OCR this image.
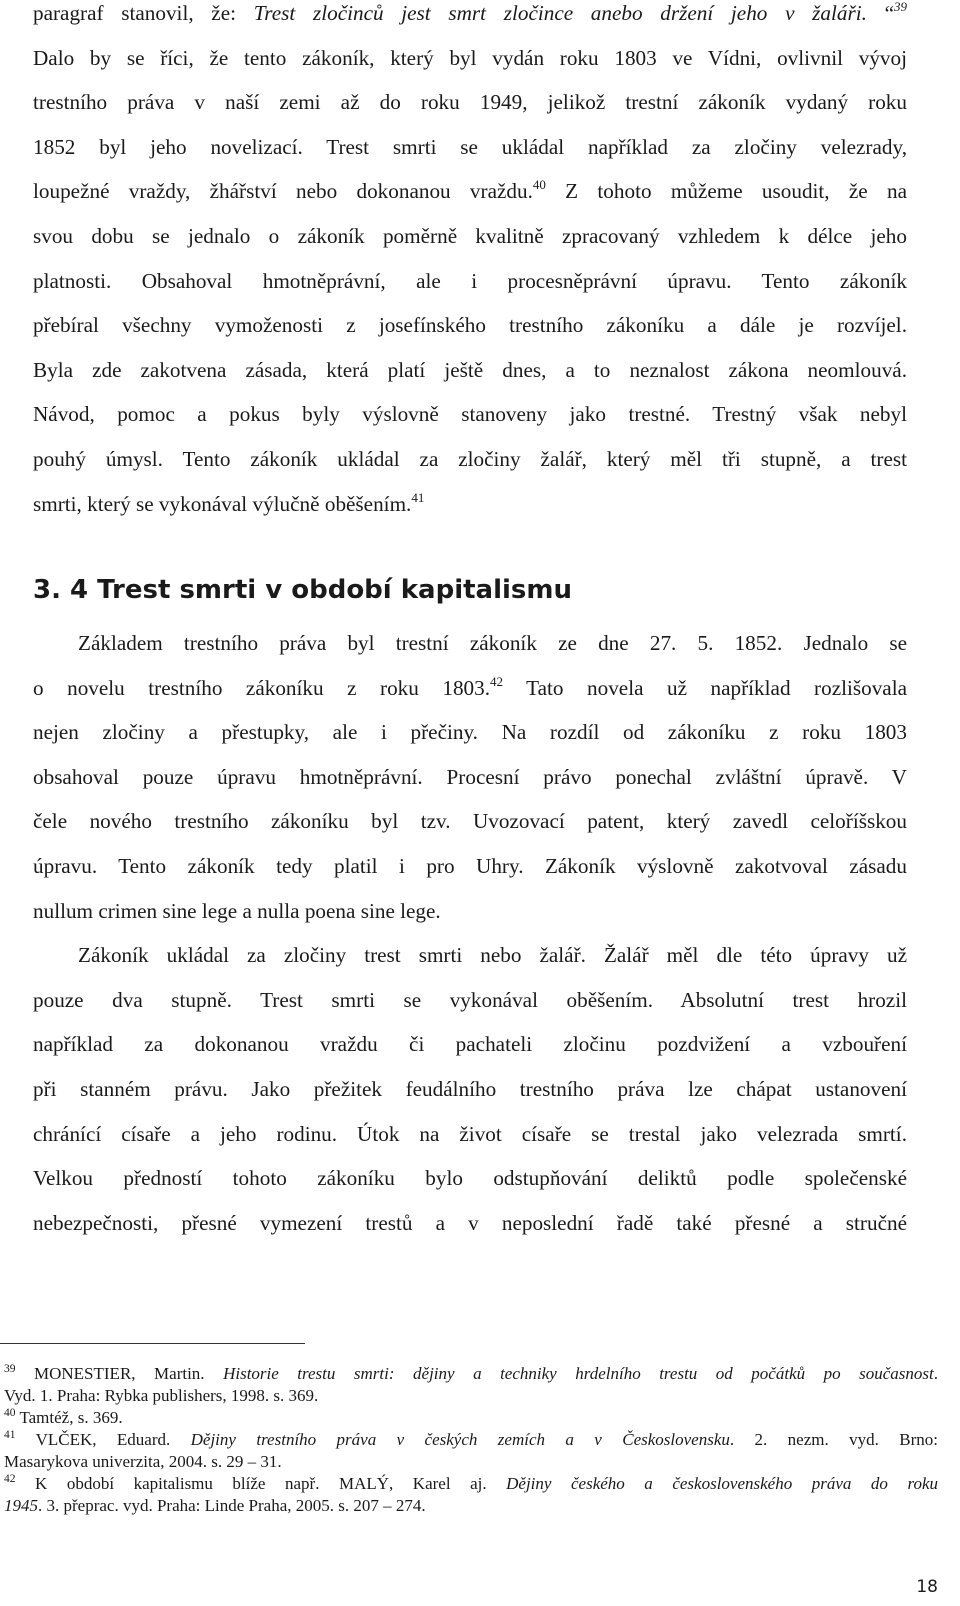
paragraf stanovil, že: Trest zločinců jest smrt zločince anebo držení jeho v žaláři. “$^{39}$
Dalo by se říci, že tento zákoník, který byl vydán roku 1803 ve Vídni, ovlivnil vývoj
trestního práva v naší zemi až do roku 1949, jelikož trestní zákoník vydaný roku
1852 byl jeho novelizací. Trest smrti se ukládal například za zločiny velezrady,
loupežné vraždy, žhářství nebo dokonanou vraždu.$^{40}$ Z tohoto můžeme usoudit, že na
svou dobu se jednalo o zákoník poměrně kvalitně zpracovaný vzhledem k délce jeho
platnosti. Obsahoval hmotněprávní, ale i procesněprávní úpravu. Tento zákoník
přebíral všechny vymoženosti z josefínského trestního zákoníku a dále je rozvíjel.
Byla zde zakotvena zásada, která platí ještě dnes, a to neznalost zákona neomlouvá.
Návod, pomoc a pokus byly výslovně stanoveny jako trestné. Trestný však nebyl
pouhý úmysl. Tento zákoník ukládal za zločiny žalář, který měl tři stupně, a trest
smrti, který se vykonával výlučně oběšením.$^{41}$
3. 4 Trest smrti v období kapitalismu
Základem trestního práva byl trestní zákoník ze dne 27. 5. 1852. Jednalo se
o novelu trestního zákoníku z roku 1803.42 Tato novela už například rozlišovala
nejen zločiny a přestupky, ale i přečiny. Na rozdíl od zákoníku z roku 1803
obsahoval pouze úpravu hmotněprávní. Procesní právo ponechal zvláštní úpravě. V
čele nového trestního zákoníku byl tzv. Uvozovací patent, který zavedl celoříšskou
úpravu. Tento zákoník tedy platil i pro Uhry. Zákoník výslovně zakotvoval zásadu
nullum crimen sine lege a nulla poena sine lege.
Zákoník ukládal za zločiny trest smrti nebo žalář. Žalář měl dle této úpravy už
pouze dva stupně. Trest smrti se vykonával oběšením. Absolutní trest hrozil
například za dokonanou vraždu či pachateli zločinu pozdvižení a vzbouření
při stanném právu. Jako přežitek feudálního trestního práva lze chápat ustanovení
chránící císaře a jeho rodinu. Útok na život císaře se trestal jako velezrada smrtí.
Velkou předností tohoto zákoníku bylo odstupňování deliktů podle společenské
nebezpečnosti, přesné vymezení trestů a v neposlední řadě také přesné a stručné
$^{39}$ MONESTIER, Martin. Historie trestu smrti: dějiny a techniky hrdelního trestu od počátků po současnost.
Vyd. 1. Praha: Rybka publishers, 1998. s. 369.
$^{40}$ Tamtéž, s. 369.
$^{41}$ VLČEK, Eduard. Dějiny trestního práva v českých zemích a v Československu. 2. nezm. vyd. Brno:
Masarykova univerzita, 2004. s. 29 – 31.
$^{42}$ K období kapitalismu blíže např. MALÝ, Karel aj. Dějiny českého a československého práva do roku
1945. 3. přeprac. vyd. Praha: Linde Praha, 2005. s. 207 – 274.
18
